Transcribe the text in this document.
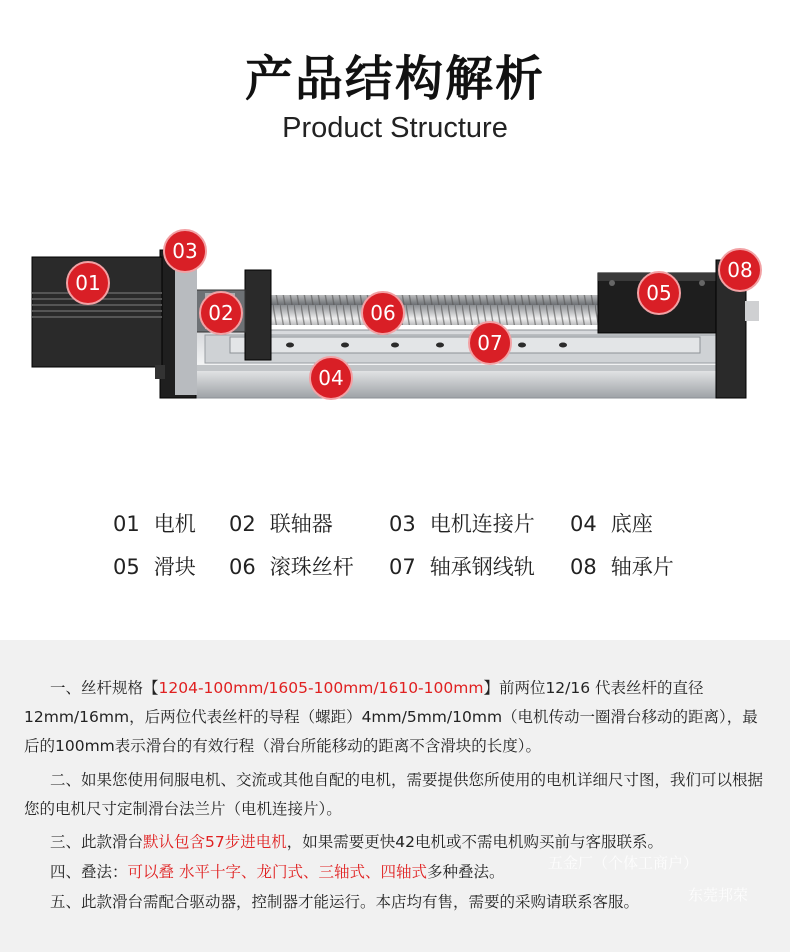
产品结构解析
Product Structure
01
02
03
04
05
06
07
08
01 电机 02 联轴器	03 电机连接片 04 底座
05 滑块 06 滚珠丝杆 07 轴承钢线轨 08 轴承片
一、丝杆规格【1204-100mm/1605-100mm/1610-100mm】前两位12/16 代表丝杆的直径12mm/16mm，后两位代表丝杆的导程（螺距）4mm/5mm/10mm（电机传动一圈滑台移动的距离），最后的100mm表示滑台的有效行程（滑台所能移动的距离不含滑块的长度）。
二、如果您使用伺服电机、交流或其他自配的电机，需要提供您所使用的电机详细尺寸图，我们可以根据您的电机尺寸定制滑台法兰片（电机连接片）。
三、此款滑台默认包含57步进电机，如果需要更快42电机或不需电机购买前与客服联系。
四、叠法：可以叠 水平十字、龙门式、三轴式、四轴式多种叠法。
五、此款滑台需配合驱动器，控制器才能运行。本店均有售，需要的采购请联系客服。
五金厂（个体工商户）
东莞邦荣
